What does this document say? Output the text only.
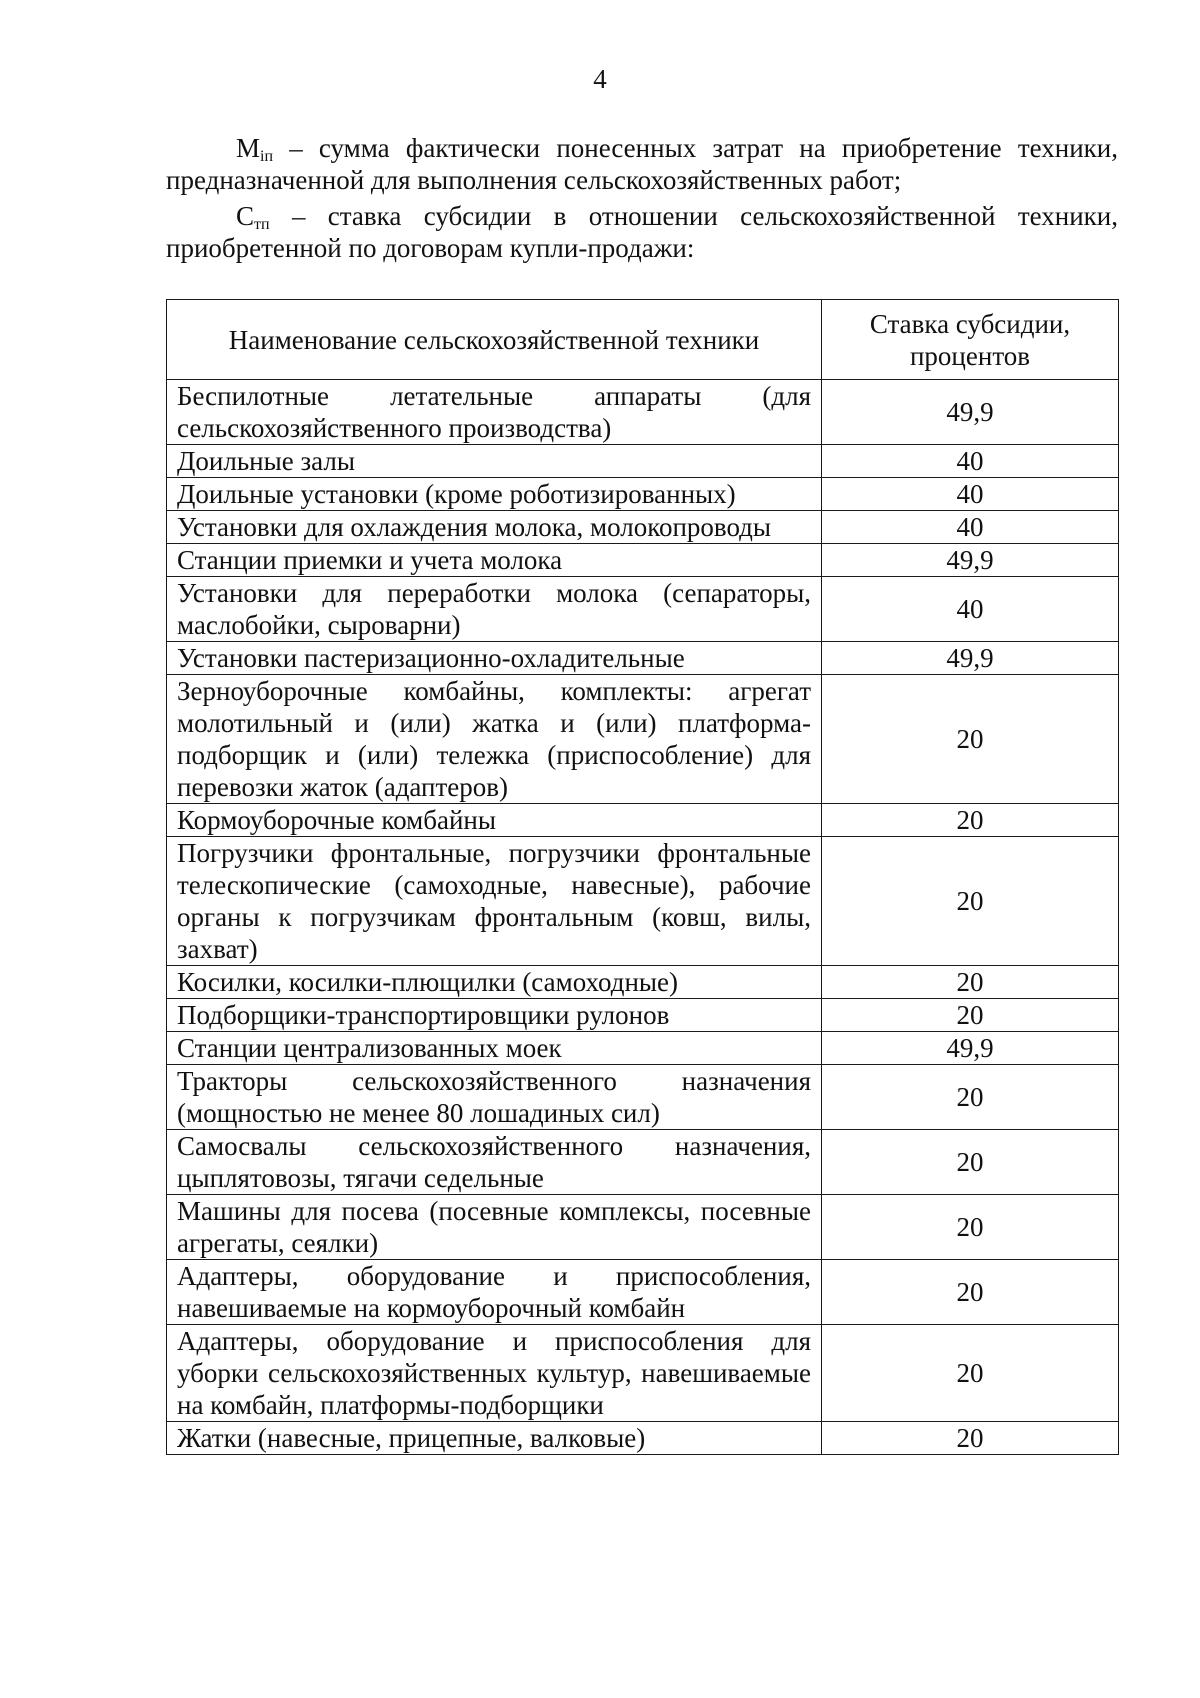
4

$M_{iп}$ – сумма фактически понесенных затрат на приобретение техники, предназначенной для выполнения сельскохозяйственных работ;

$С_{тп}$ – ставка субсидии в отношении сельскохозяйственной техники, приобретенной по договорам купли-продажи:

Наименование сельскохозяйственной техники	Ставка субсидии, процентов
Беспилотные летательные аппараты (для сельскохозяйственного производства)	49,9
Доильные залы	40
Доильные установки (кроме роботизированных)	40
Установки для охлаждения молока, молокопроводы	40
Станции приемки и учета молока	49,9
Установки для переработки молока (сепараторы, маслобойки, сыроварни)	40
Установки пастеризационно-охладительные	49,9
Зерноуборочные комбайны, комплекты: агрегат молотильный и (или) жатка и (или) платформа-подборщик и (или) тележка (приспособление) для перевозки жаток (адаптеров)	20
Кормоуборочные комбайны	20
Погрузчики фронтальные, погрузчики фронтальные телескопические (самоходные, навесные), рабочие органы к погрузчикам фронтальным (ковш, вилы, захват)	20
Косилки, косилки-плющилки (самоходные)	20
Подборщики-транспортировщики рулонов	20
Станции централизованных моек	49,9
Тракторы сельскохозяйственного назначения (мощностью не менее 80 лошадиных сил)	20
Самосвалы сельскохозяйственного назначения, цыплятовозы, тягачи седельные	20
Машины для посева (посевные комплексы, посевные агрегаты, сеялки)	20
Адаптеры, оборудование и приспособления, навешиваемые на кормоуборочный комбайн	20
Адаптеры, оборудование и приспособления для уборки сельскохозяйственных культур, навешиваемые на комбайн, платформы-подборщики	20
Жатки (навесные, прицепные, валковые)	20
